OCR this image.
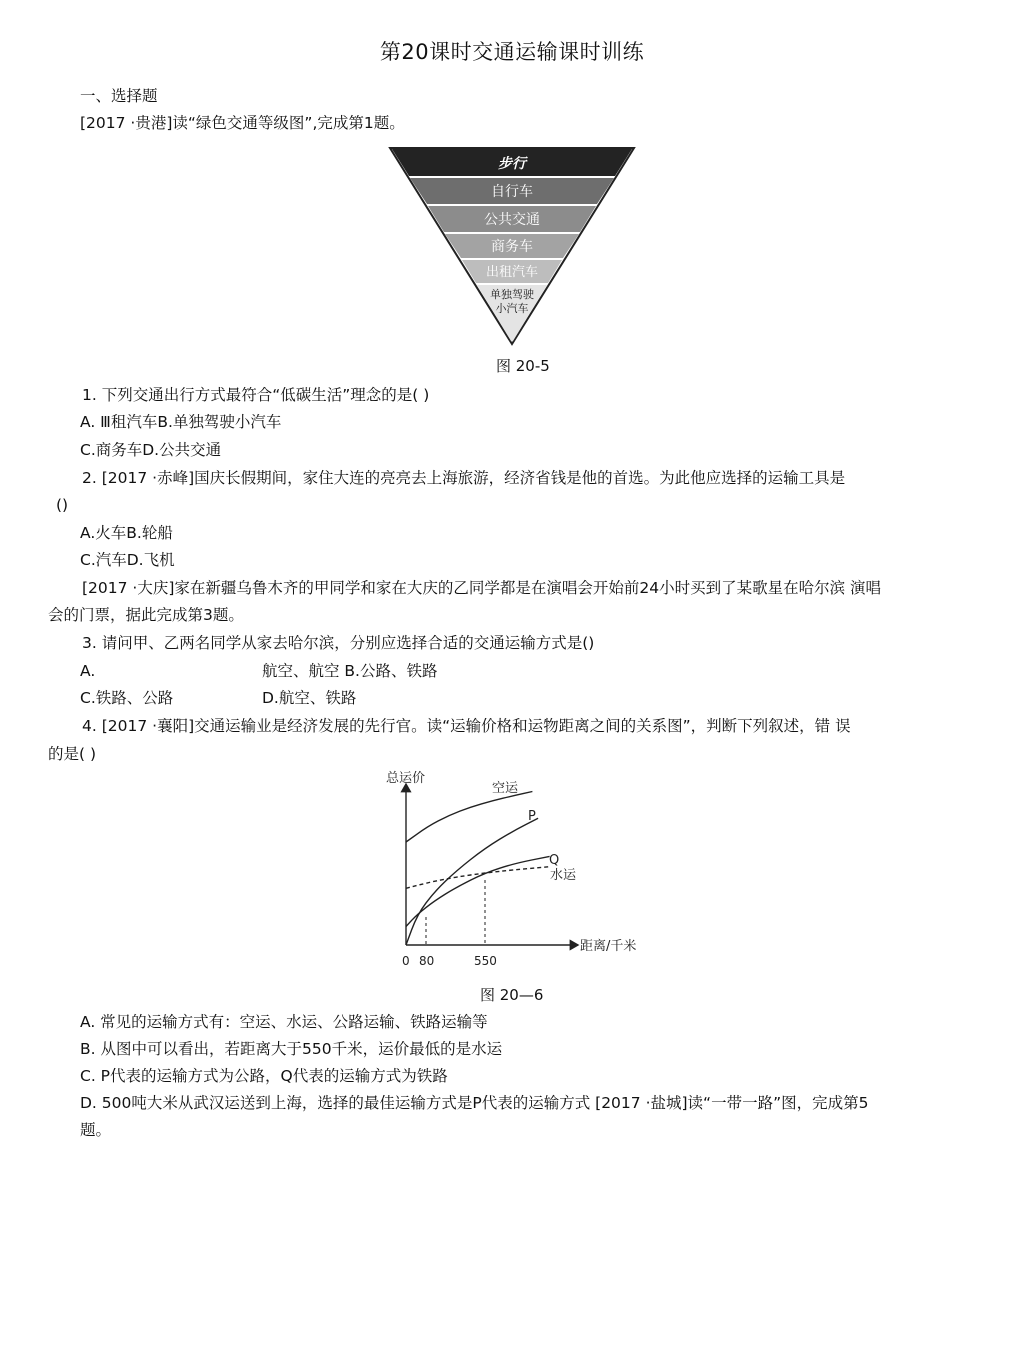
第20课时交通运输课时训练
一、选择题
[2017 ·贵港]读“绿色交通等级图”,完成第1题。
步行
自行车
公共交通
商务车
出租汽车
单独驾驶
小汽车
图 20-5
1. 下列交通出行方式最符合“低碳生活”理念的是( )
A. Ⅲ租汽车B.单独驾驶小汽车
C.商务车D.公共交通
2. [2017 ·赤峰]国庆长假期间，家住大连的亮亮去上海旅游，经济省钱是他的首选。为此他应选择的运输工具是
()
A.火车B.轮船
C.汽车D.飞机
[2017 ·大庆]家在新疆乌鲁木齐的甲同学和家在大庆的乙同学都是在演唱会开始前24小时买到了某歌星在哈尔滨 演唱
会的门票，据此完成第3题。
3. 请问甲、乙两名同学从家去哈尔滨，分别应选择合适的交通运输方式是()
A.	航空、航空 B.公路、铁路
C.铁路、公路	D.航空、铁路
4. [2017 ·襄阳]交通运输业是经济发展的先行官。读“运输价格和运物距离之间的关系图”，判断下列叙述，错 误
的是( )
总运价
距离/千米
0 80	550
空运
P
Q
水运
图 20—6
A. 常见的运输方式有：空运、水运、公路运输、铁路运输等
B. 从图中可以看出，若距离大于550千米，运价最低的是水运
C. P代表的运输方式为公路，Q代表的运输方式为铁路
D. 500吨大米从武汉运送到上海，选择的最佳运输方式是P代表的运输方式 [2017 ·盐城]读“一带一路”图，完成第5
题。
